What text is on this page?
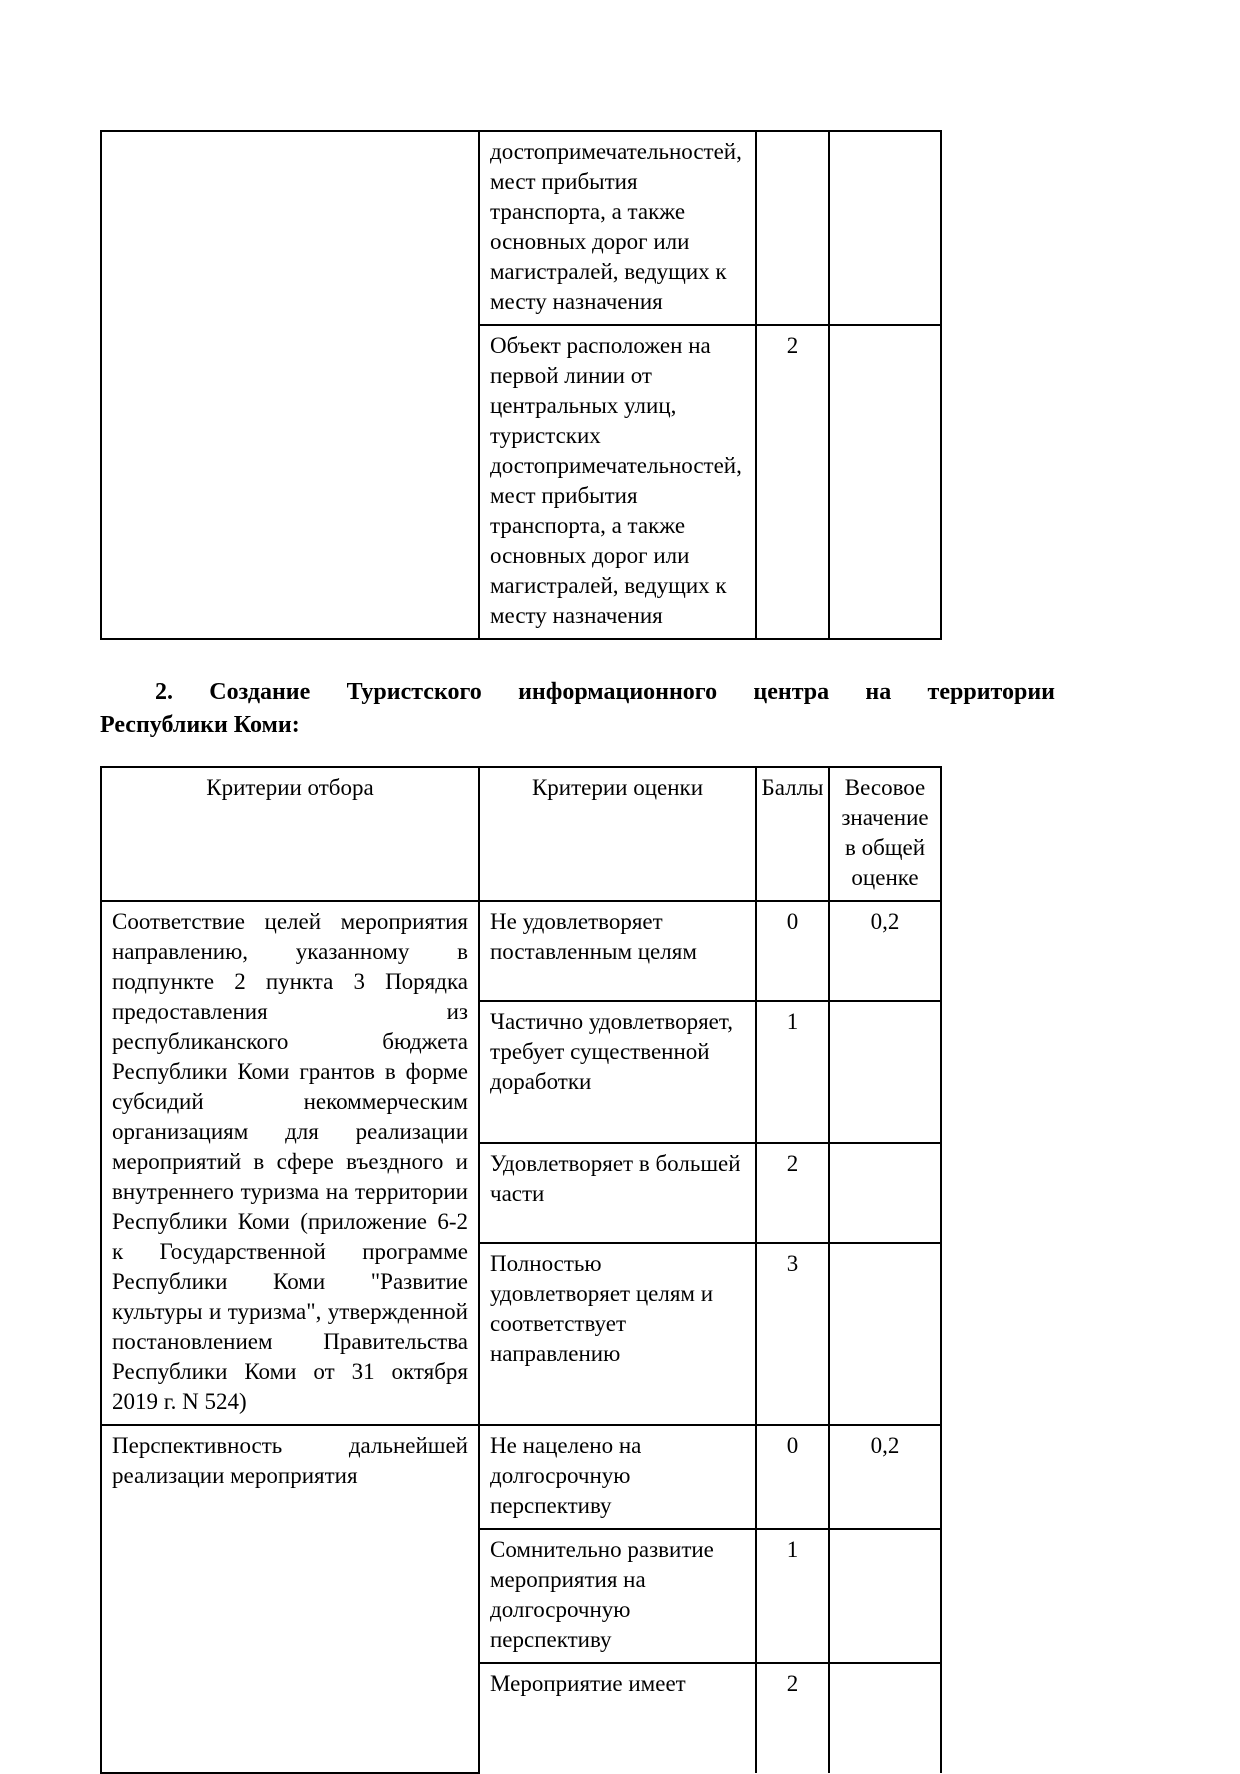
	достопримечательностей, мест прибытия транспорта, а также основных дорог или магистралей, ведущих к месту назначения		
	Объект расположен на первой линии от центральных улиц, туристских достопримечательностей, мест прибытия транспорта, а также основных дорог или магистралей, ведущих к месту назначения	2	

2. Создание Туристского информационного центра на территории
Республики Коми:

Критерии отбора	Критерии оценки	Баллы	Весовое значение в общей оценке
Соответствие целей мероприятия направлению, указанному в подпункте 2 пункта 3 Порядка предоставления из республиканского бюджета Республики Коми грантов в форме субсидий некоммерческим организациям для реализации мероприятий в сфере въездного и внутреннего туризма на территории Республики Коми (приложение 6-2 к Государственной программе Республики Коми "Развитие культуры и туризма", утвержденной постановлением Правительства Республики Коми от 31 октября 2019 г. N 524)	Не удовлетворяет поставленным целям	0	0,2
	Частично удовлетворяет, требует существенной доработки	1	
	Удовлетворяет в большей части	2	
	Полностью удовлетворяет целям и соответствует направлению	3	
Перспективность дальнейшей реализации мероприятия	Не нацелено на долгосрочную перспективу	0	0,2
	Сомнительно развитие мероприятия на долгосрочную перспективу	1	
	Мероприятие имеет	2	
